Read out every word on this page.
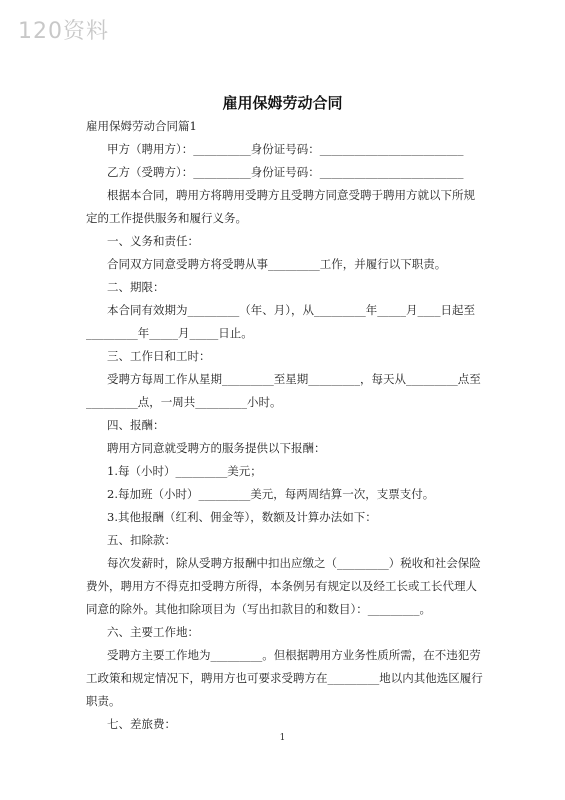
120资料
雇用保姆劳动合同
雇用保姆劳动合同篇1
甲方（聘用方）：__________身份证号码：_________________________
乙方（受聘方）：__________身份证号码：_________________________
根据本合同，聘用方将聘用受聘方且受聘方同意受聘于聘用方就以下所规
定的工作提供服务和履行义务。
一、义务和责任：
合同双方同意受聘方将受聘从事_________工作，并履行以下职责。
二、期限：
本合同有效期为_________（年、月），从_________年_____月____日起至
_________年_____月_____日止。
三、工作日和工时：
受聘方每周工作从星期_________至星期_________，每天从_________点至
_________点，一周共_________小时。
四、报酬：
聘用方同意就受聘方的服务提供以下报酬：
1.每（小时）_________美元；
2.每加班（小时）_________美元，每两周结算一次，支票支付。
3.其他报酬（红利、佣金等），数额及计算办法如下：
五、扣除款：
每次发薪时，除从受聘方报酬中扣出应缴之（_________）税收和社会保险
费外，聘用方不得克扣受聘方所得，本条例另有规定以及经工长或工长代理人
同意的除外。其他扣除项目为（写出扣款目的和数目）：_________。
六、主要工作地：
受聘方主要工作地为_________。但根据聘用方业务性质所需，在不违犯劳
工政策和规定情况下，聘用方也可要求受聘方在_________地以内其他选区履行
职责。
七、差旅费：
1
